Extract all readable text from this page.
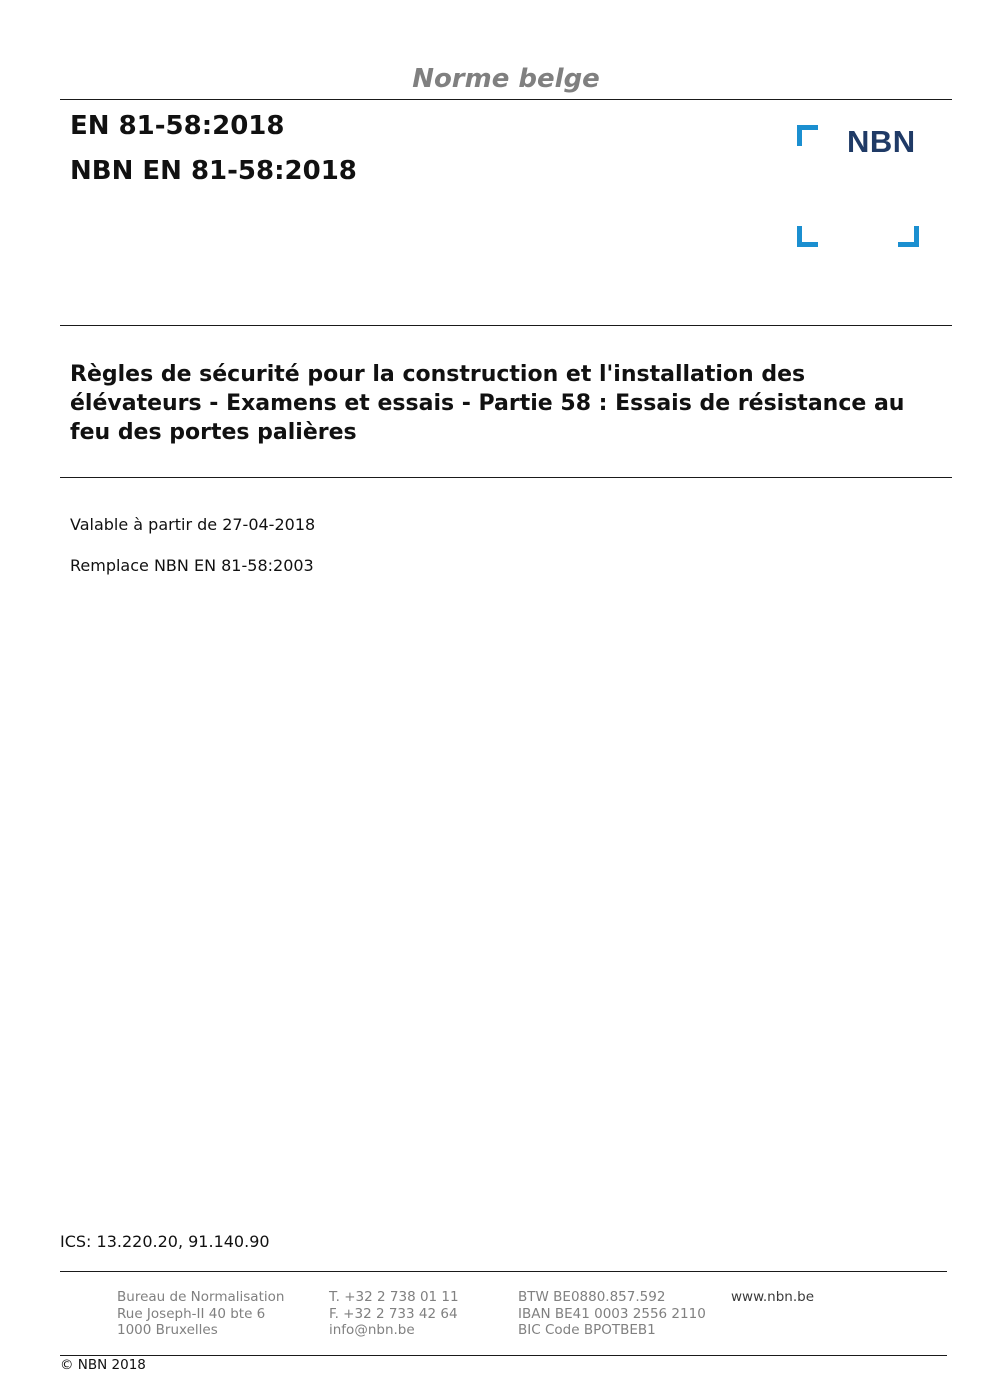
Norme belge
EN 81-58:2018
NBN EN 81-58:2018
NBN
Règles de sécurité pour la construction et l'installation des élévateurs - Examens et essais - Partie 58 : Essais de résistance au feu des portes palières
Valable à partir de 27-04-2018
Remplace NBN EN 81-58:2003
ICS: 13.220.20, 91.140.90
Bureau de Normalisation
Rue Joseph-II 40 bte 6
1000 Bruxelles
T. +32 2 738 01 11
F. +32 2 733 42 64
info@nbn.be
BTW BE0880.857.592
IBAN BE41 0003 2556 2110
BIC Code BPOTBEB1
www.nbn.be
© NBN 2018
